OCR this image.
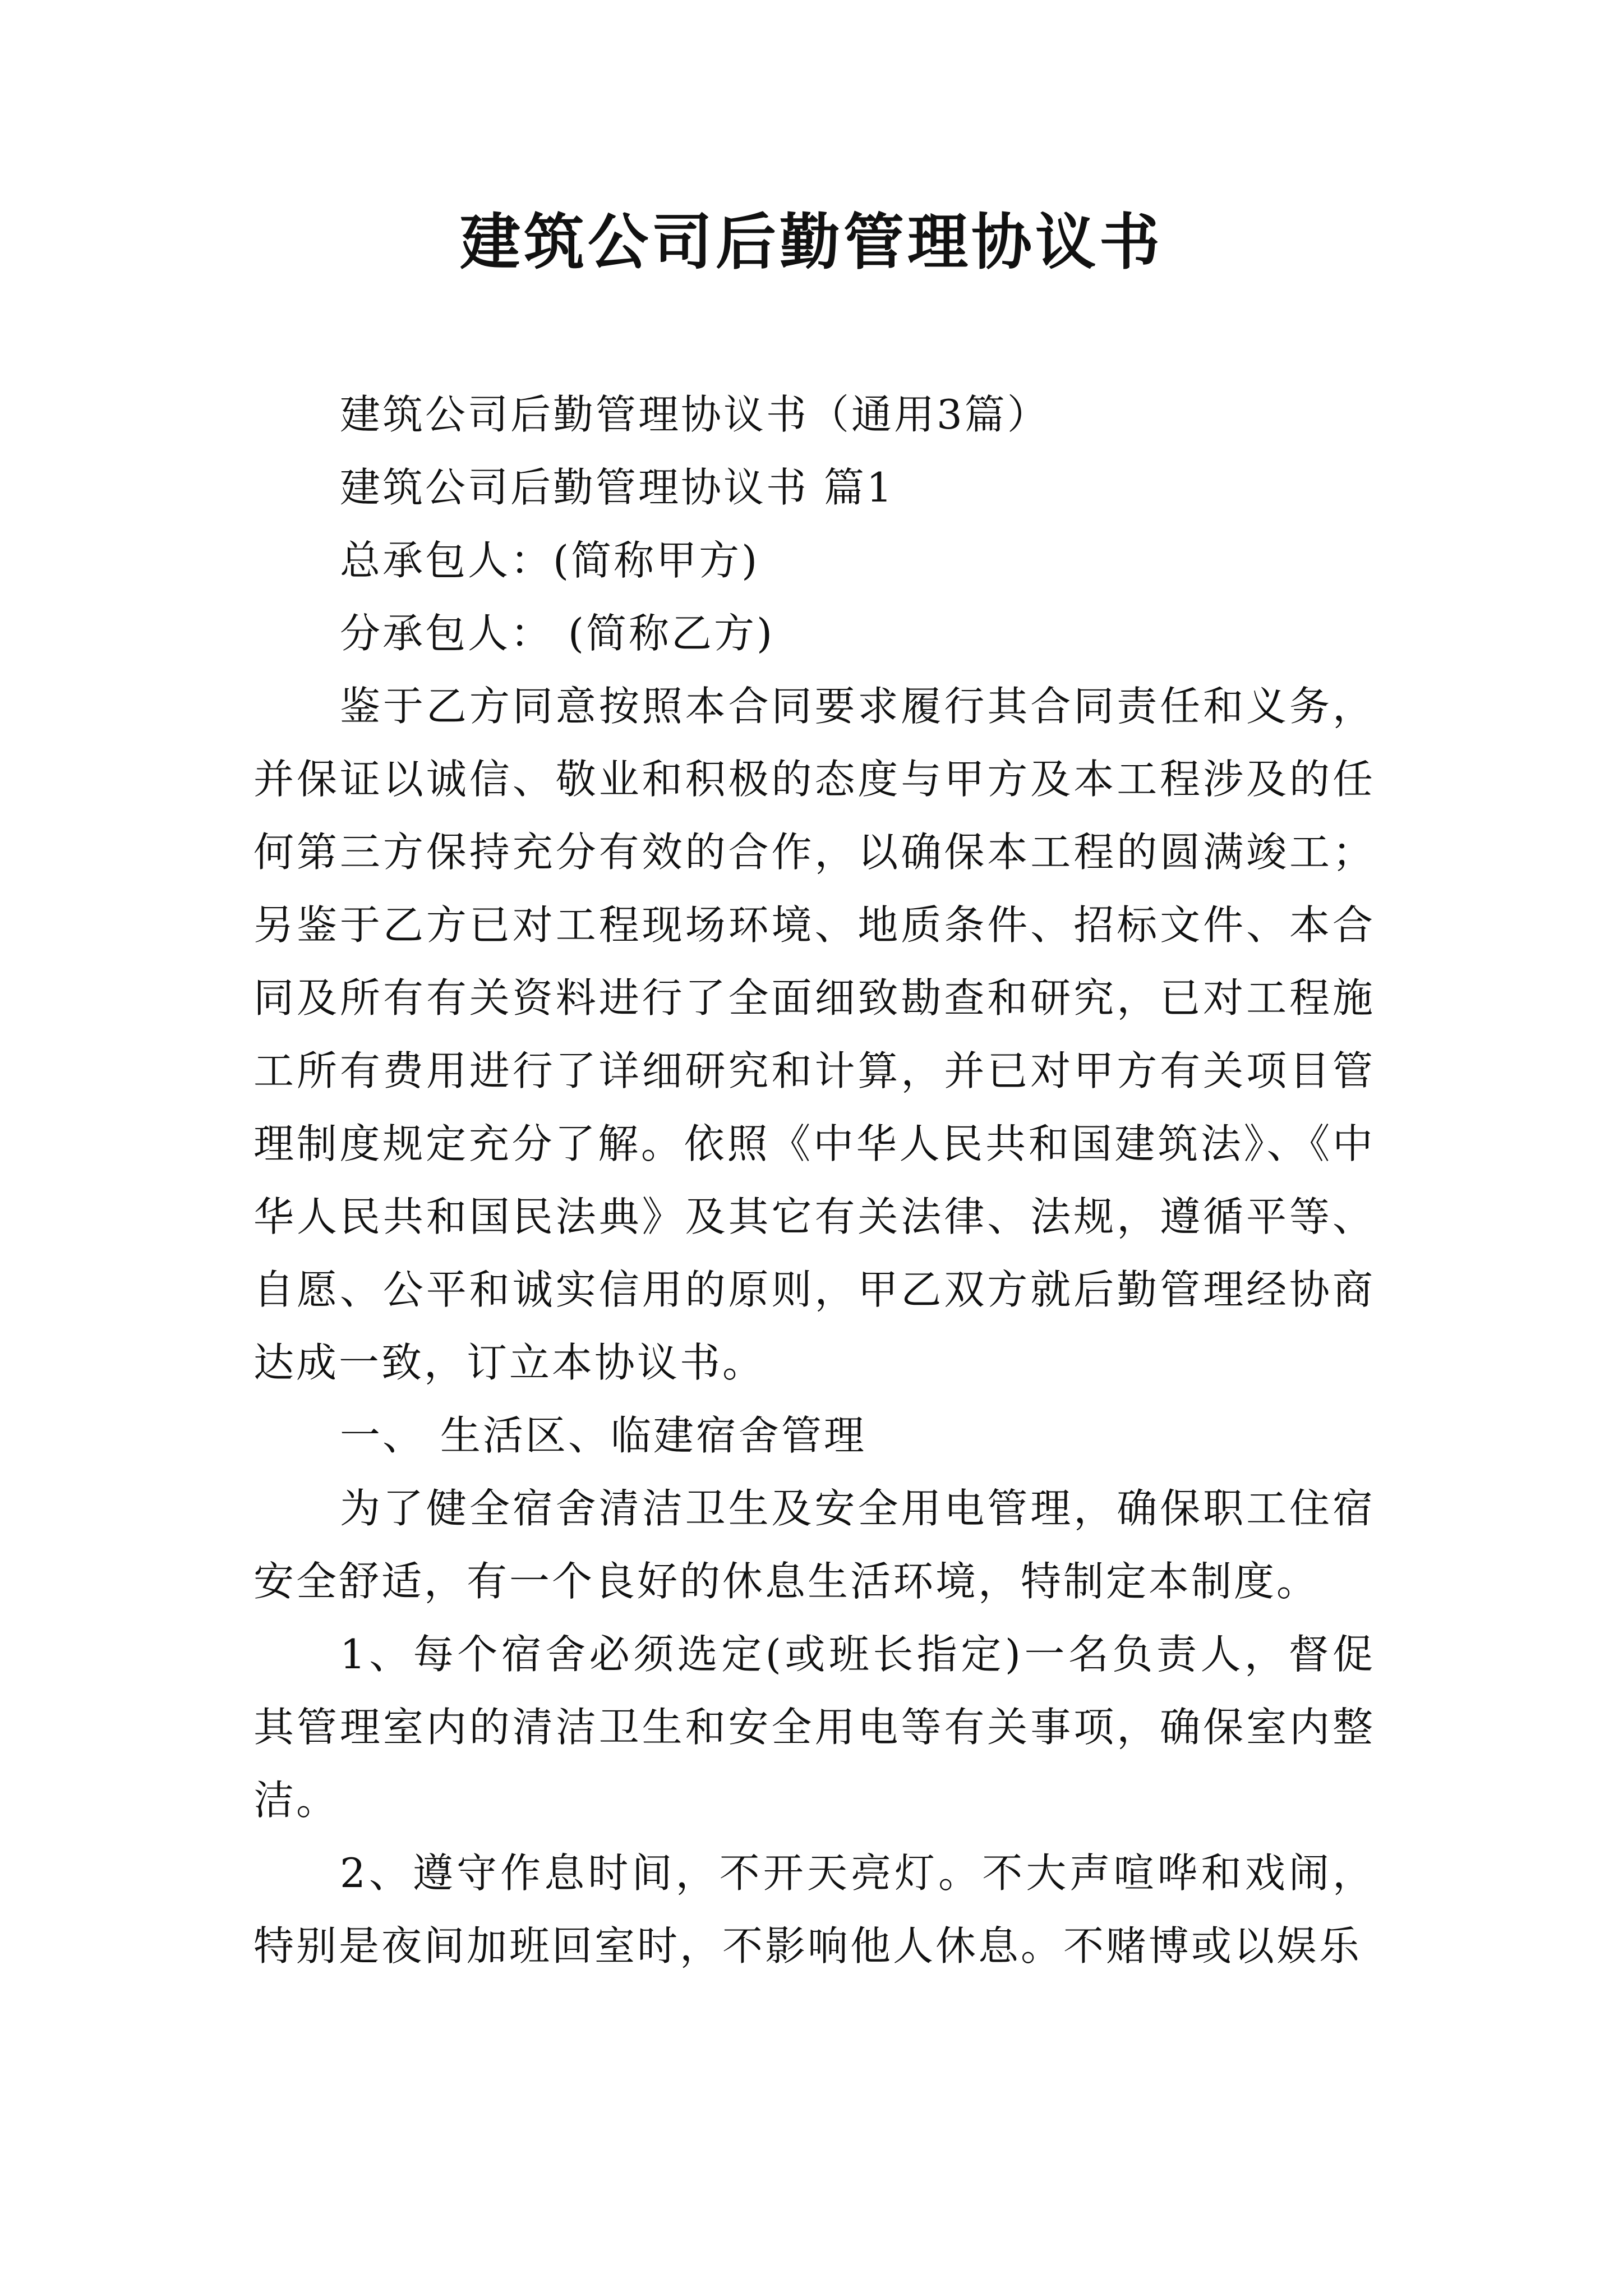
建筑公司后勤管理协议书

建筑公司后勤管理协议书（通用3篇）

建筑公司后勤管理协议书 篇1

总承包人：(简称甲方)

分承包人： (简称乙方)

鉴于乙方同意按照本合同要求履行其合同责任和义务，并保证以诚信、敬业和积极的态度与甲方及本工程涉及的任何第三方保持充分有效的合作，以确保本工程的圆满竣工；另鉴于乙方已对工程现场环境、地质条件、招标文件、本合同及所有有关资料进行了全面细致勘查和研究，已对工程施工所有费用进行了详细研究和计算，并已对甲方有关项目管理制度规定充分了解。依照《中华人民共和国建筑法》、《中华人民共和国民法典》及其它有关法律、法规，遵循平等、自愿、公平和诚实信用的原则，甲乙双方就后勤管理经协商达成一致，订立本协议书。

一、 生活区、临建宿舍管理

为了健全宿舍清洁卫生及安全用电管理，确保职工住宿安全舒适，有一个良好的休息生活环境，特制定本制度。

1、每个宿舍必须选定(或班长指定)一名负责人，督促其管理室内的清洁卫生和安全用电等有关事项，确保室内整洁。

2、遵守作息时间，不开天亮灯。不大声喧哗和戏闹，特别是夜间加班回室时，不影响他人休息。不赌博或以娱乐
